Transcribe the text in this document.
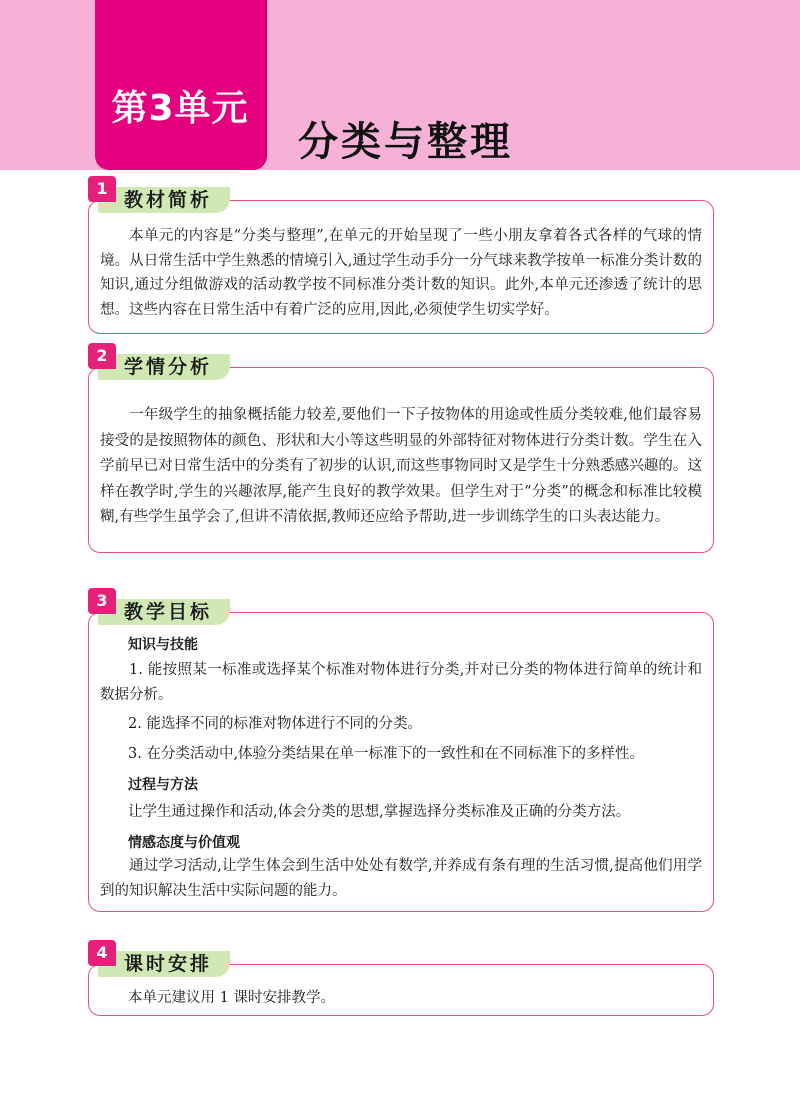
第3单元
分类与整理
教材简析
1
本单元的内容是“分类与整理”,在单元的开始呈现了一些小朋友拿着各式各样的气球的情境。从日常生活中学生熟悉的情境引入,通过学生动手分一分气球来教学按单一标准分类计数的知识,通过分组做游戏的活动教学按不同标准分类计数的知识。此外,本单元还渗透了统计的思想。这些内容在日常生活中有着广泛的应用,因此,必须使学生切实学好。
学情分析
2
一年级学生的抽象概括能力较差,要他们一下子按物体的用途或性质分类较难,他们最容易接受的是按照物体的颜色、形状和大小等这些明显的外部特征对物体进行分类计数。学生在入学前早已对日常生活中的分类有了初步的认识,而这些事物同时又是学生十分熟悉感兴趣的。这样在教学时,学生的兴趣浓厚,能产生良好的教学效果。但学生对于“分类”的概念和标准比较模糊,有些学生虽学会了,但讲不清依据,教师还应给予帮助,进一步训练学生的口头表达能力。
教学目标
3
知识与技能
1. 能按照某一标准或选择某个标准对物体进行分类,并对已分类的物体进行简单的统计和数据分析。
2. 能选择不同的标准对物体进行不同的分类。
3. 在分类活动中,体验分类结果在单一标准下的一致性和在不同标准下的多样性。
过程与方法
让学生通过操作和活动,体会分类的思想,掌握选择分类标准及正确的分类方法。
情感态度与价值观
通过学习活动,让学生体会到生活中处处有数学,并养成有条有理的生活习惯,提高他们用学到的知识解决生活中实际问题的能力。
课时安排
4
本单元建议用 1 课时安排教学。
